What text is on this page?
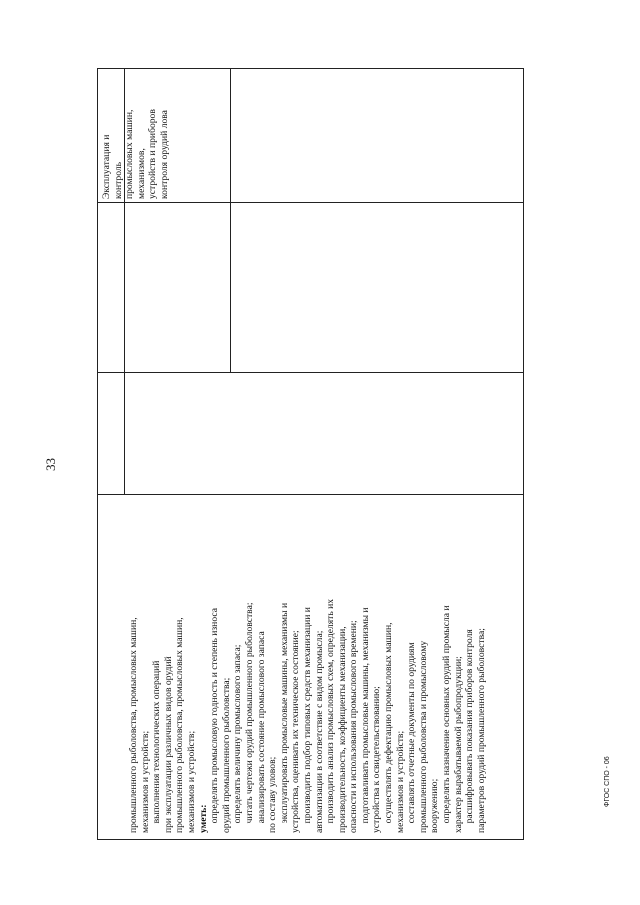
33
промышленного рыболовства, промысловых машин, механизмов и устройств; выполнения технологических операций при эксплуатации различных видов орудий промышленного рыболовства, промысловых машин, механизмов и устройств; уметь: определять промысловую годность и степень износа орудий промышленного рыболовства; определять величину промыслового запаса; читать чертежи орудий промышленного рыболовства; анализировать состояние промыслового запаса по составу уловов; эксплуатировать промысловые машины, механизмы и устройства, оценивать их техническое состояние; производить подбор типовых средств механизации и автоматизации в соответствие с видом промысла; производить анализ промысловых схем, определять их производительность, коэффициенты механизации, опасности и использования промыслового времени; подготавливать промысловые машины, механизмы и устройства к освидетельствованию; осуществлять дефектацию промысловых машин, механизмов и устройств; составлять отчетные документы по орудиям промышленного рыболовства и промысловому вооружению; определять назначение основных орудий промысла и характер вырабатываемой рыбопродукции; расшифровывать показания приборов контроля параметров орудий промышленного рыболовства;
Эксплуатация и контроль промысловых машин, механизмов, устройств и приборов контроля орудий лова
ФГОС СПО - 06
